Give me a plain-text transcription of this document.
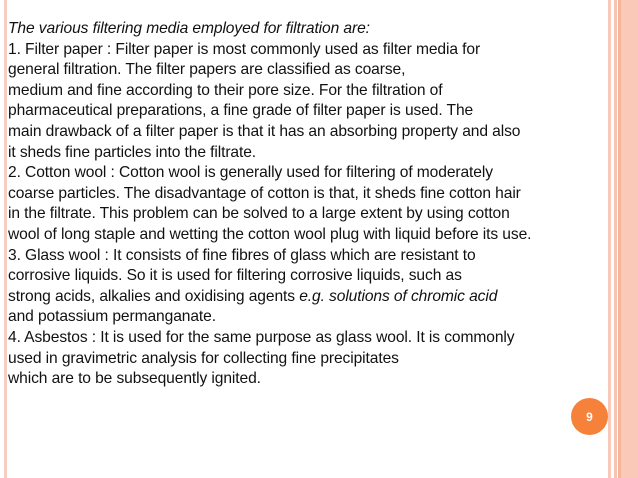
The various filtering media employed for filtration are:
1. Filter paper : Filter paper is most commonly used as filter media for
general filtration. The filter papers are classified as coarse,
medium and fine according to their pore size. For the filtration of
pharmaceutical preparations, a fine grade of filter paper is used. The
main drawback of a filter paper is that it has an absorbing property and also
it sheds fine particles into the filtrate.
2. Cotton wool : Cotton wool is generally used for filtering of moderately
coarse particles. The disadvantage of cotton is that, it sheds fine cotton hair
in the filtrate. This problem can be solved to a large extent by using cotton
wool of long staple and wetting the cotton wool plug with liquid before its use.
3. Glass wool : It consists of fine fibres of glass which are resistant to
corrosive liquids. So it is used for filtering corrosive liquids, such as
strong acids, alkalies and oxidising agents e.g. solutions of chromic acid
and potassium permanganate.
4. Asbestos : It is used for the same purpose as glass wool. It is commonly
used in gravimetric analysis for collecting fine precipitates
which are to be subsequently ignited.
9
